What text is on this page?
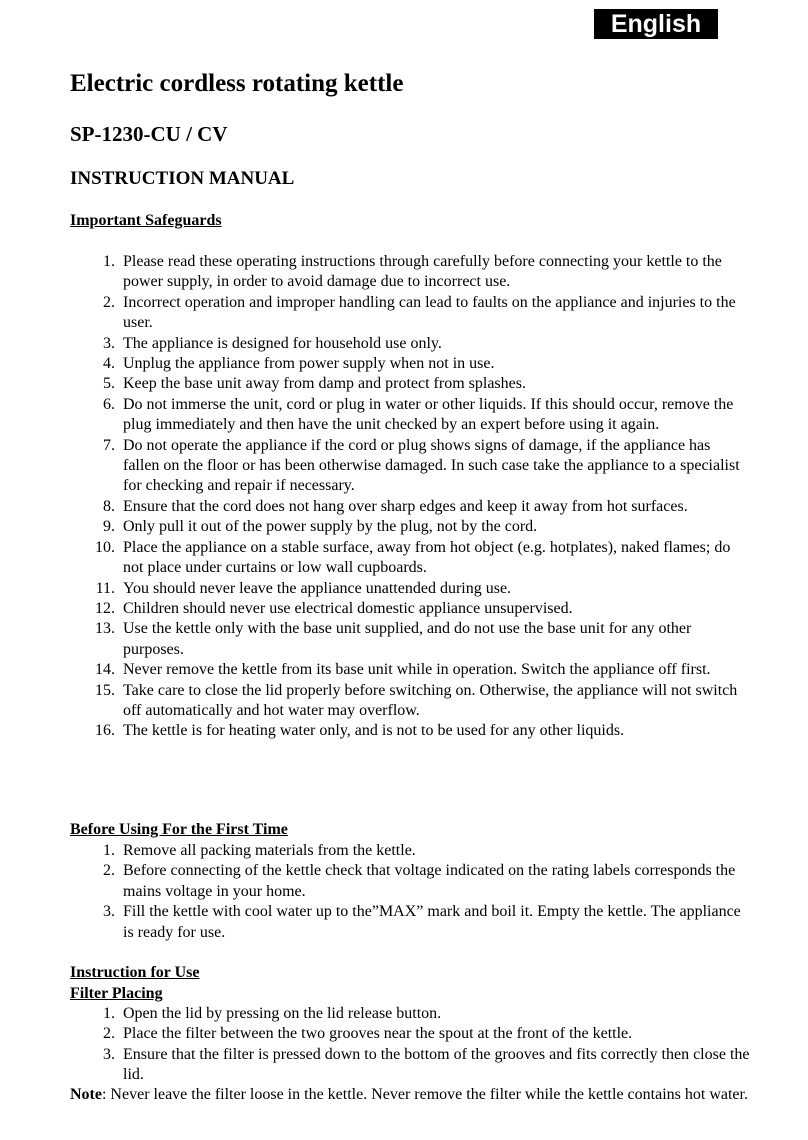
English
Electric cordless rotating kettle
SP-1230-CU / CV
INSTRUCTION MANUAL
Important Safeguards
1. Please read these operating instructions through carefully before connecting your kettle to the power supply, in order to avoid damage due to incorrect use.
2. Incorrect operation and improper handling can lead to faults on the appliance and injuries to the user.
3. The appliance is designed for household use only.
4. Unplug the appliance from power supply when not in use.
5. Keep the base unit away from damp and protect from splashes.
6. Do not immerse the unit, cord or plug in water or other liquids. If this should occur, remove the plug immediately and then have the unit checked by an expert before using it again.
7. Do not operate the appliance if the cord or plug shows signs of damage, if the appliance has fallen on the floor or has been otherwise damaged. In such case take the appliance to a specialist for checking and repair if necessary.
8. Ensure that the cord does not hang over sharp edges and keep it away from hot surfaces.
9. Only pull it out of the power supply by the plug, not by the cord.
10. Place the appliance on a stable surface, away from hot object (e.g. hotplates), naked flames; do not place under curtains or low wall cupboards.
11. You should never leave the appliance unattended during use.
12. Children should never use electrical domestic appliance unsupervised.
13. Use the kettle only with the base unit supplied, and do not use the base unit for any other purposes.
14. Never remove the kettle from its base unit while in operation. Switch the appliance off first.
15. Take care to close the lid properly before switching on. Otherwise, the appliance will not switch off automatically and hot water may overflow.
16. The kettle is for heating water only, and is not to be used for any other liquids.
Before Using For the First Time
1. Remove all packing materials from the kettle.
2. Before connecting of the kettle check that voltage indicated on the rating labels corresponds the mains voltage in your home.
3. Fill the kettle with cool water up to the”MAX” mark and boil it. Empty the kettle. The appliance is ready for use.
Instruction for Use
Filter Placing
1. Open the lid by pressing on the lid release button.
2. Place the filter between the two grooves near the spout at the front of the kettle.
3. Ensure that the filter is pressed down to the bottom of the grooves and fits correctly then close the lid.

Note: Never leave the filter loose in the kettle. Never remove the filter while the kettle contains hot water.
